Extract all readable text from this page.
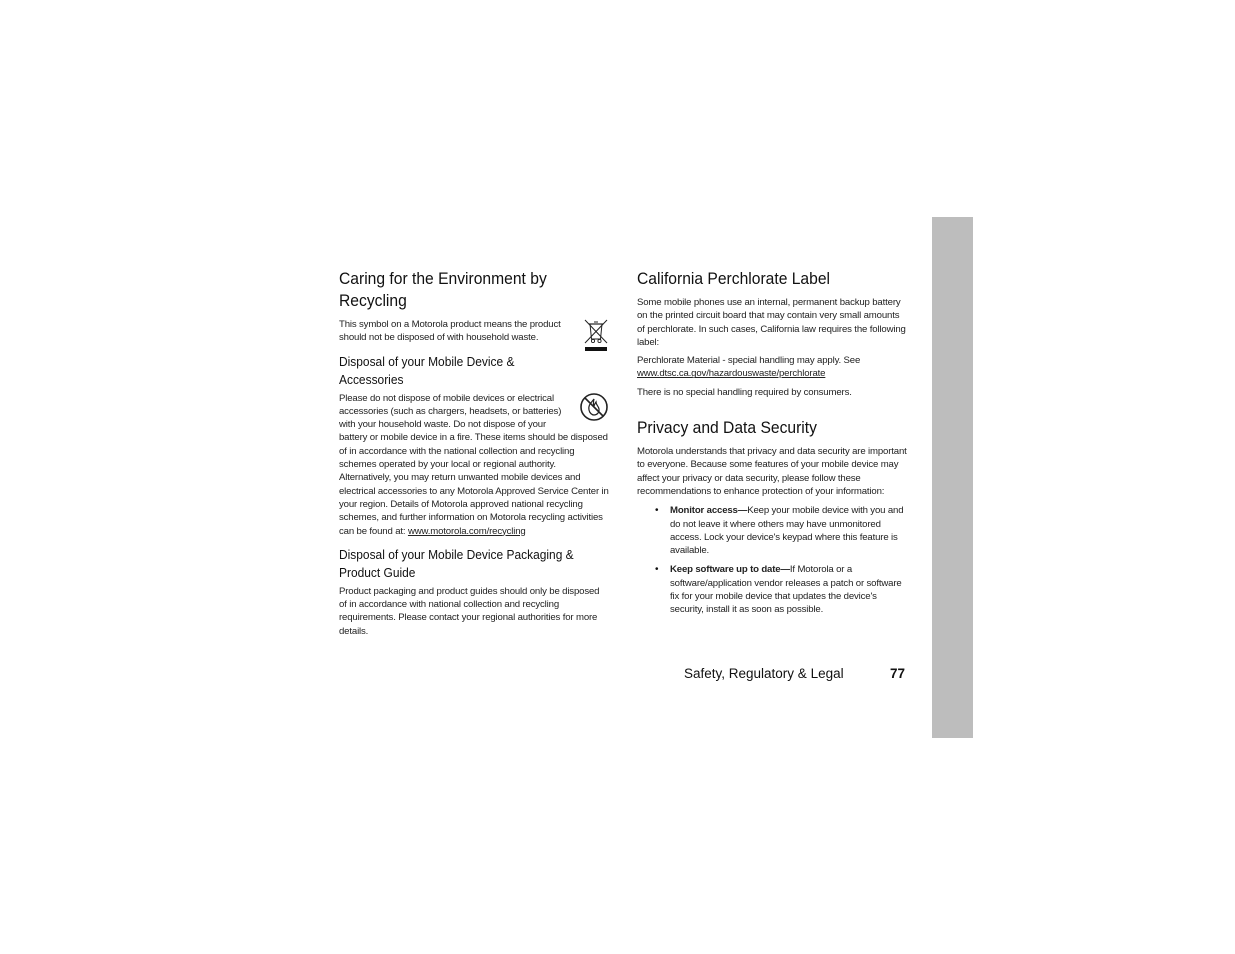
Caring for the Environment by Recycling

This symbol on a Motorola product means the product should not be disposed of with household waste.

Disposal of your Mobile Device & Accessories

Please do not dispose of mobile devices or electrical accessories (such as chargers, headsets, or batteries) with your household waste. Do not dispose of your battery or mobile device in a fire. These items should be disposed of in accordance with the national collection and recycling schemes operated by your local or regional authority. Alternatively, you may return unwanted mobile devices and electrical accessories to any Motorola Approved Service Center in your region. Details of Motorola approved national recycling schemes, and further information on Motorola recycling activities can be found at: www.motorola.com/recycling

Disposal of your Mobile Device Packaging & Product Guide

Product packaging and product guides should only be disposed of in accordance with national collection and recycling requirements. Please contact your regional authorities for more details.

California Perchlorate Label

Some mobile phones use an internal, permanent backup battery on the printed circuit board that may contain very small amounts of perchlorate. In such cases, California law requires the following label:

Perchlorate Material - special handling may apply. See
www.dtsc.ca.gov/hazardouswaste/perchlorate

There is no special handling required by consumers.

Privacy and Data Security

Motorola understands that privacy and data security are important to everyone. Because some features of your mobile device may affect your privacy or data security, please follow these recommendations to enhance protection of your information:

• Monitor access—Keep your mobile device with you and do not leave it where others may have unmonitored access. Lock your device's keypad where this feature is available.

• Keep software up to date—If Motorola or a software/application vendor releases a patch or software fix for your mobile device that updates the device's security, install it as soon as possible.

Safety, Regulatory & Legal	77
